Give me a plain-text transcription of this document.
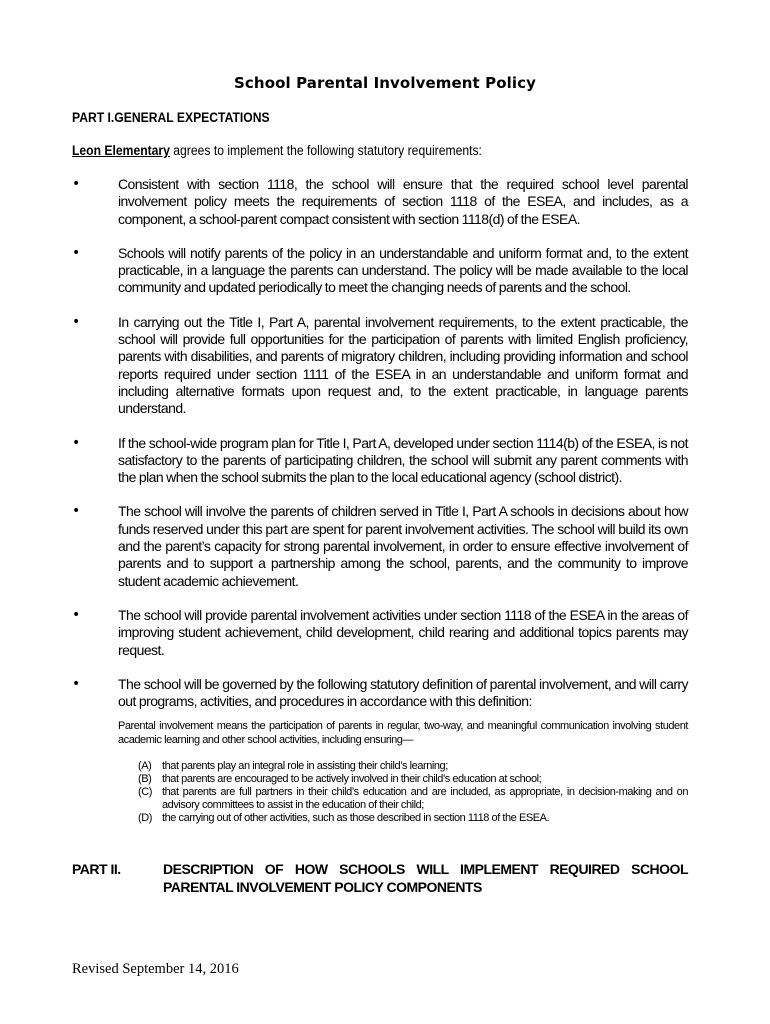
School Parental Involvement Policy
PART I.GENERAL EXPECTATIONS
Leon Elementary agrees to implement the following statutory requirements:
•	Consistent with section 1118, the school will ensure that the required school level parental involvement policy meets the requirements of section 1118 of the ESEA, and includes, as a component, a school-parent compact consistent with section 1118(d) of the ESEA.
•	Schools will notify parents of the policy in an understandable and uniform format and, to the extent practicable, in a language the parents can understand. The policy will be made available to the local community and updated periodically to meet the changing needs of parents and the school.
•	In carrying out the Title I, Part A, parental involvement requirements, to the extent practicable, the school will provide full opportunities for the participation of parents with limited English proficiency, parents with disabilities, and parents of migratory children, including providing information and school reports required under section 1111 of the ESEA in an understandable and uniform format and including alternative formats upon request and, to the extent practicable, in language parents understand.
•	If the school-wide program plan for Title I, Part A, developed under section 1114(b) of the ESEA, is not satisfactory to the parents of participating children, the school will submit any parent comments with the plan when the school submits the plan to the local educational agency (school district).
•	The school will involve the parents of children served in Title I, Part A schools in decisions about how funds reserved under this part are spent for parent involvement activities. The school will build its own and the parent’s capacity for strong parental involvement, in order to ensure effective involvement of parents and to support a partnership among the school, parents, and the community to improve student academic achievement.
•	The school will provide parental involvement activities under section 1118 of the ESEA in the areas of improving student achievement, child development, child rearing and additional topics parents may request.
•	The school will be governed by the following statutory definition of parental involvement, and will carry out programs, activities, and procedures in accordance with this definition:
Parental involvement means the participation of parents in regular, two-way, and meaningful communication involving student academic learning and other school activities, including ensuring—
(A) that parents play an integral role in assisting their child’s learning;
(B) that parents are encouraged to be actively involved in their child’s education at school;
(C) that parents are full partners in their child’s education and are included, as appropriate, in decision-making and on advisory committees to assist in the education of their child;
(D) the carrying out of other activities, such as those described in section 1118 of the ESEA.
PART II.	DESCRIPTION OF HOW SCHOOLS WILL IMPLEMENT REQUIRED SCHOOL PARENTAL INVOLVEMENT POLICY COMPONENTS
Revised September 14, 2016
